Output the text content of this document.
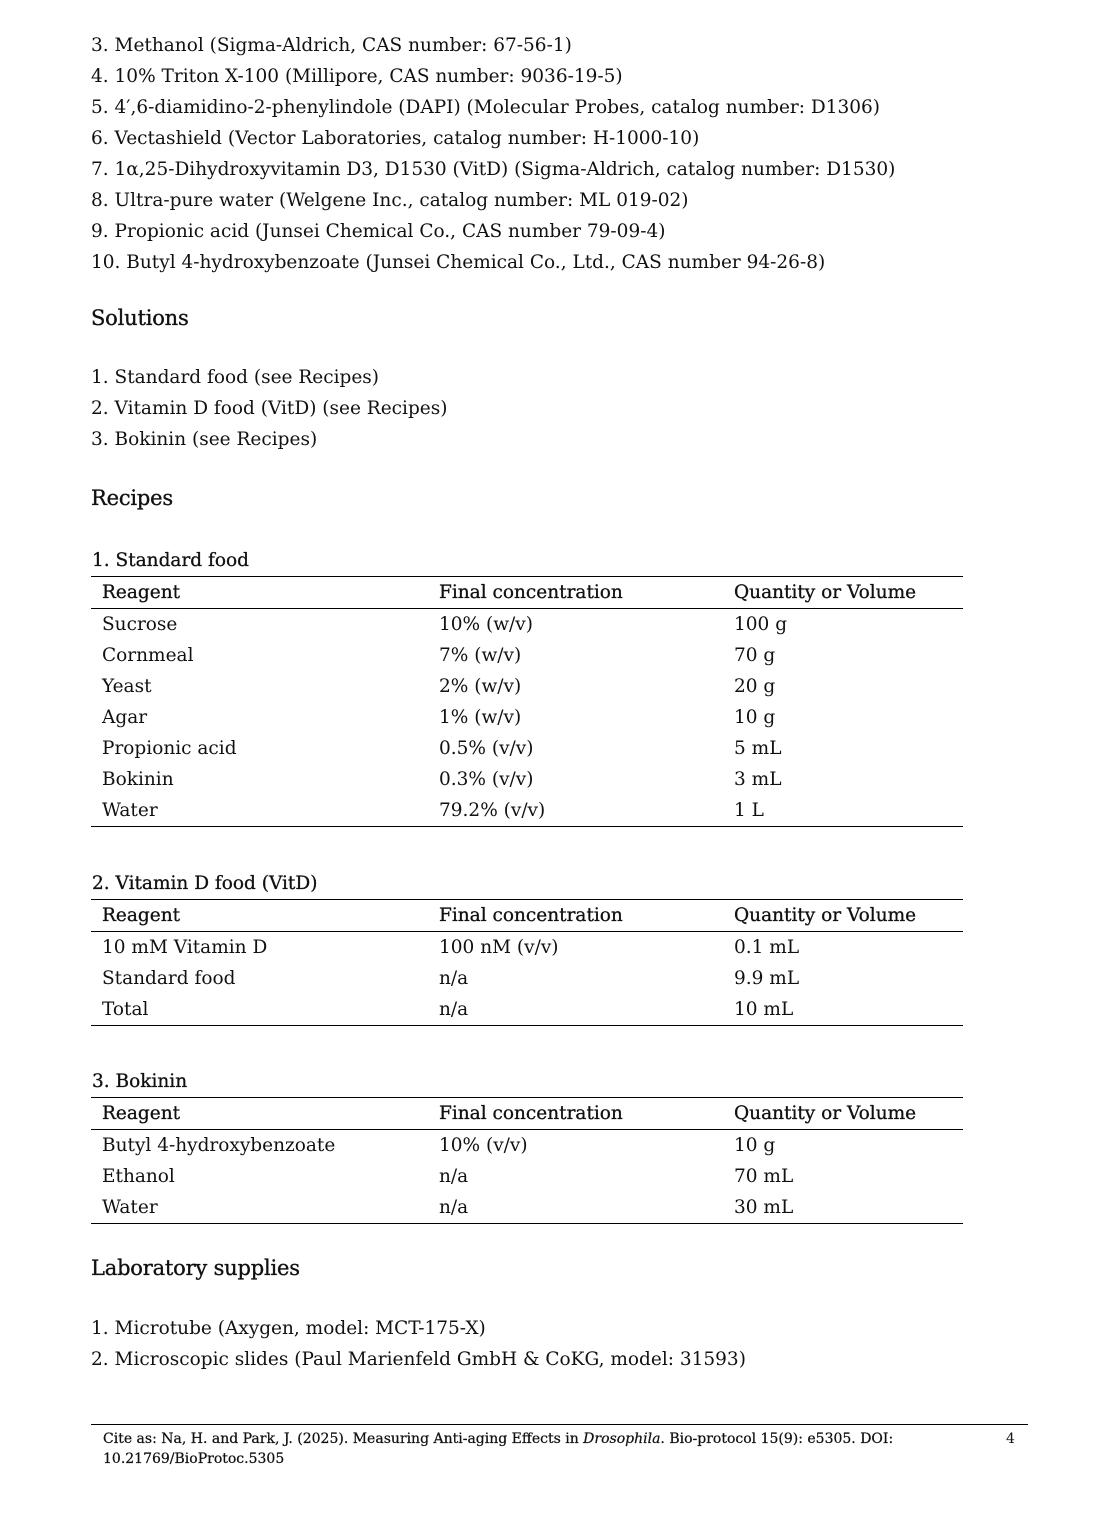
3. Methanol (Sigma-Aldrich, CAS number: 67-56-1)
4. 10% Triton X-100 (Millipore, CAS number: 9036-19-5)
5. 4′,6-diamidino-2-phenylindole (DAPI) (Molecular Probes, catalog number: D1306)
6. Vectashield (Vector Laboratories, catalog number: H-1000-10)
7. 1α,25-Dihydroxyvitamin D3, D1530 (VitD) (Sigma-Aldrich, catalog number: D1530)
8. Ultra-pure water (Welgene Inc., catalog number: ML 019-02)
9. Propionic acid (Junsei Chemical Co., CAS number 79-09-4)
10. Butyl 4-hydroxybenzoate (Junsei Chemical Co., Ltd., CAS number 94-26-8)
Solutions
1. Standard food (see Recipes)
2. Vitamin D food (VitD) (see Recipes)
3. Bokinin (see Recipes)
Recipes
1. Standard food
Reagent	Final concentration	Quantity or Volume
Sucrose	10% (w/v)	100 g
Cornmeal	7% (w/v)	70 g
Yeast	2% (w/v)	20 g
Agar	1% (w/v)	10 g
Propionic acid	0.5% (v/v)	5 mL
Bokinin	0.3% (v/v)	3 mL
Water	79.2% (v/v)	1 L
2. Vitamin D food (VitD)
Reagent	Final concentration	Quantity or Volume
10 mM Vitamin D	100 nM (v/v)	0.1 mL
Standard food	n/a	9.9 mL
Total	n/a	10 mL
3. Bokinin
Reagent	Final concentration	Quantity or Volume
Butyl 4-hydroxybenzoate	10% (v/v)	10 g
Ethanol	n/a	70 mL
Water	n/a	30 mL
Laboratory supplies
1. Microtube (Axygen, model: MCT-175-X)
2. Microscopic slides (Paul Marienfeld GmbH & CoKG, model: 31593)
Cite as: Na, H. and Park, J. (2025). Measuring Anti-aging Effects in Drosophila. Bio-protocol 15(9): e5305. DOI: 10.21769/BioProtoc.5305
4
